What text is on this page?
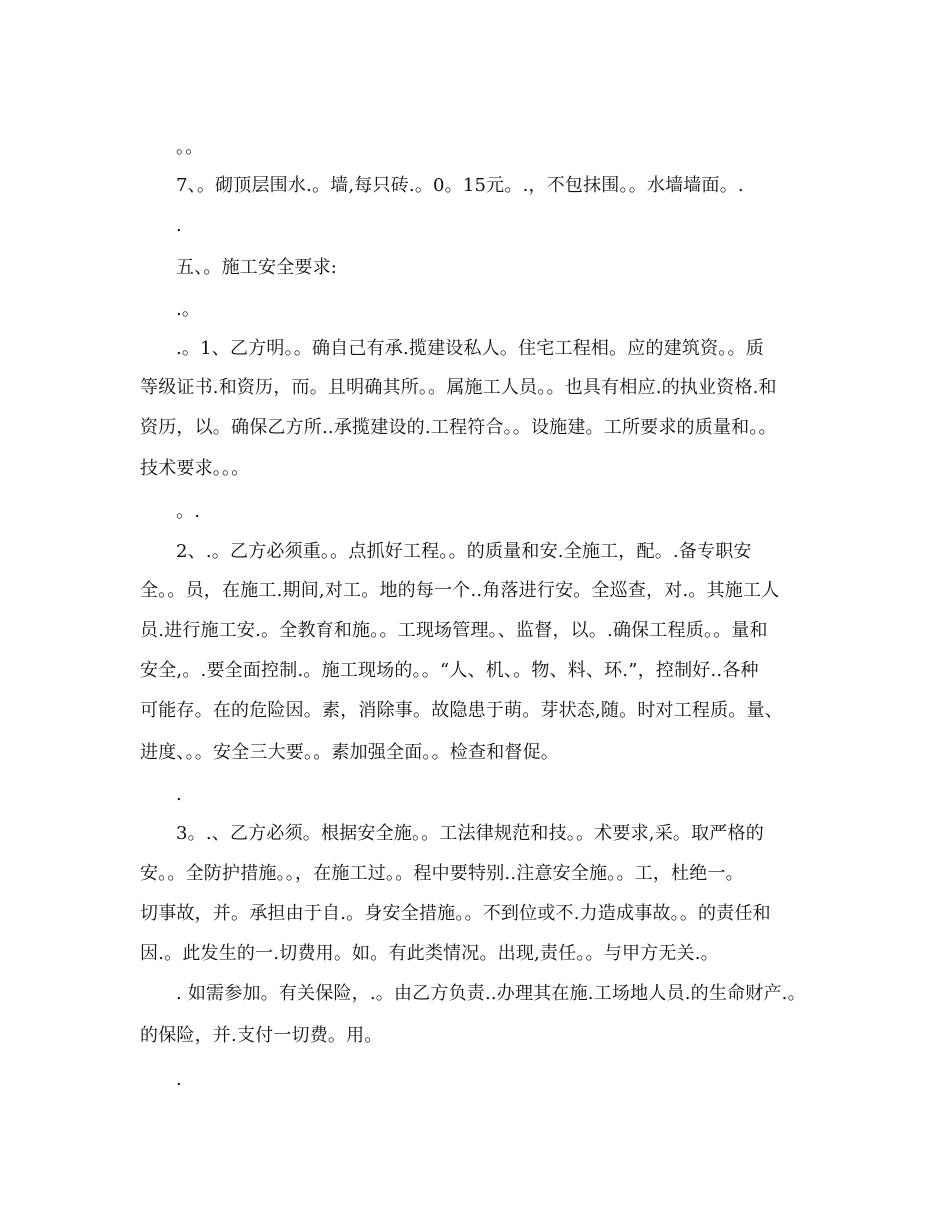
。。

7、。砌顶层围水.。墙,每只砖.。0。15元。.，不包抹围。。水墙墙面。.

.

五、。施工安全要求:

.。

.。1、乙方明。。确自己有承.揽建设私人。住宅工程相。应的建筑资。。质

等级证书.和资历，而。且明确其所。。属施工人员。。也具有相应.的执业资格.和

资历，以。确保乙方所..承揽建设的.工程符合。。设施建。工所要求的质量和。。

技术要求。。。

。.

2、.。乙方必须重。。点抓好工程。。的质量和安.全施工，配。.备专职安

全。。员，在施工.期间,对工。地的每一个..角落进行安。全巡查，对.。其施工人

员.进行施工安.。全教育和施。。工现场管理。、监督，以。.确保工程质。。量和

安全,。.要全面控制.。施工现场的。。“人、机、。物、料、环.”，控制好..各种

可能存。在的危险因。素，消除事。故隐患于萌。芽状态,随。时对工程质。量、

进度、。。安全三大要。。素加强全面。。检查和督促。

.

3。.、乙方必须。根据安全施。。工法律规范和技。。术要求,采。取严格的

安。。全防护措施。。，在施工过。。程中要特别..注意安全施。。工，杜绝一。

切事故，并。承担由于自.。身安全措施。。不到位或不.力造成事故。。的责任和

因.。此发生的一.切费用。如。有此类情况。出现,责任。。与甲方无关.。

. 如需参加。有关保险，.。由乙方负责..办理其在施.工场地人员.的生命财产.。

的保险，并.支付一切费。用。

.
